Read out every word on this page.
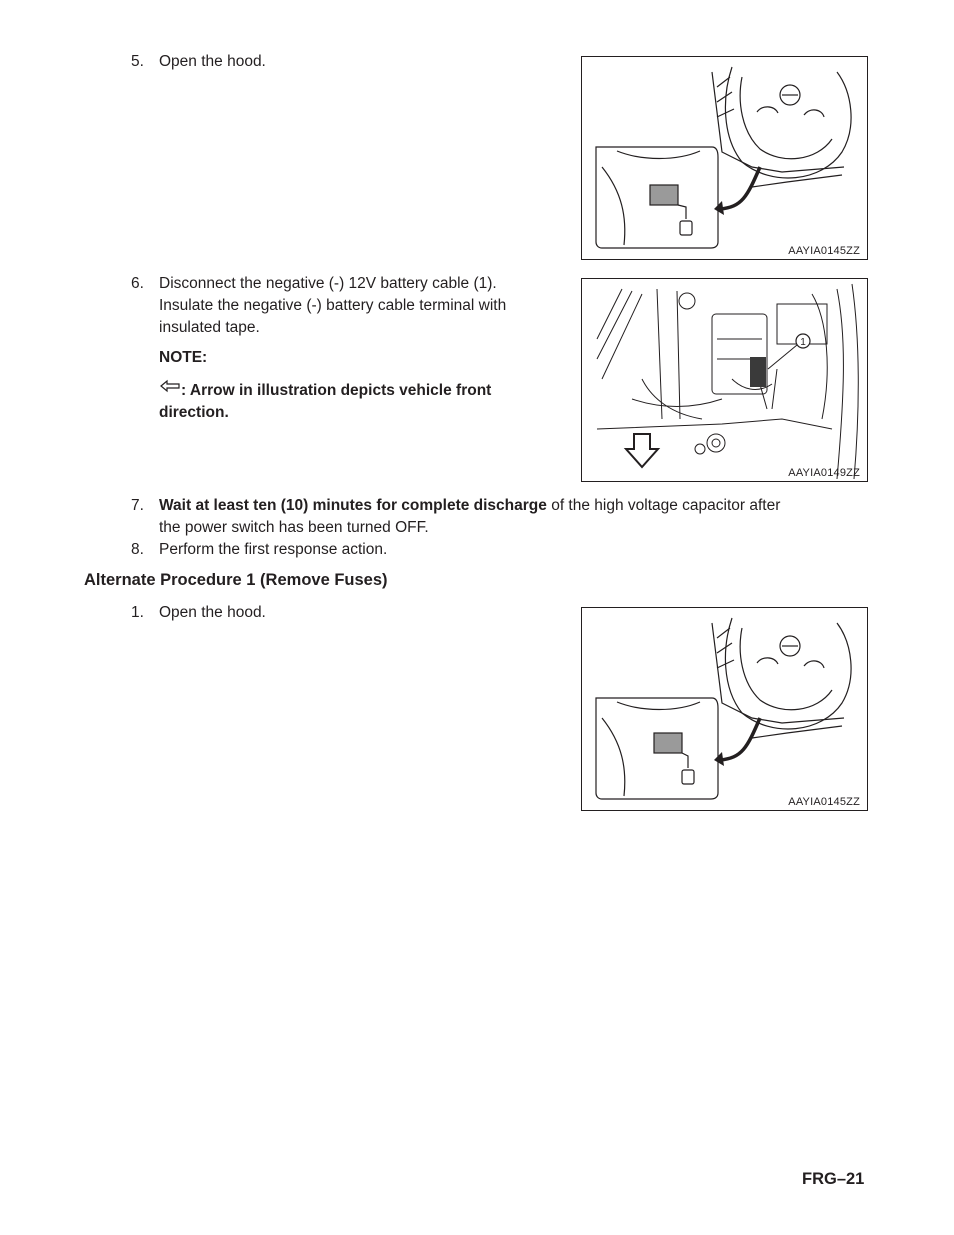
5. Open the hood.
AAYIA0145ZZ
6. Disconnect the negative (-) 12V battery cable (1).
Insulate the negative (-) battery cable terminal with
insulated tape.
NOTE:
: Arrow in illustration depicts vehicle front
direction.
1
AAYIA0149ZZ
7. Wait at least ten (10) minutes for complete discharge of the high voltage capacitor after
the power switch has been turned OFF.
8. Perform the first response action.
Alternate Procedure 1 (Remove Fuses)
1. Open the hood.
AAYIA0145ZZ
FRG–21
